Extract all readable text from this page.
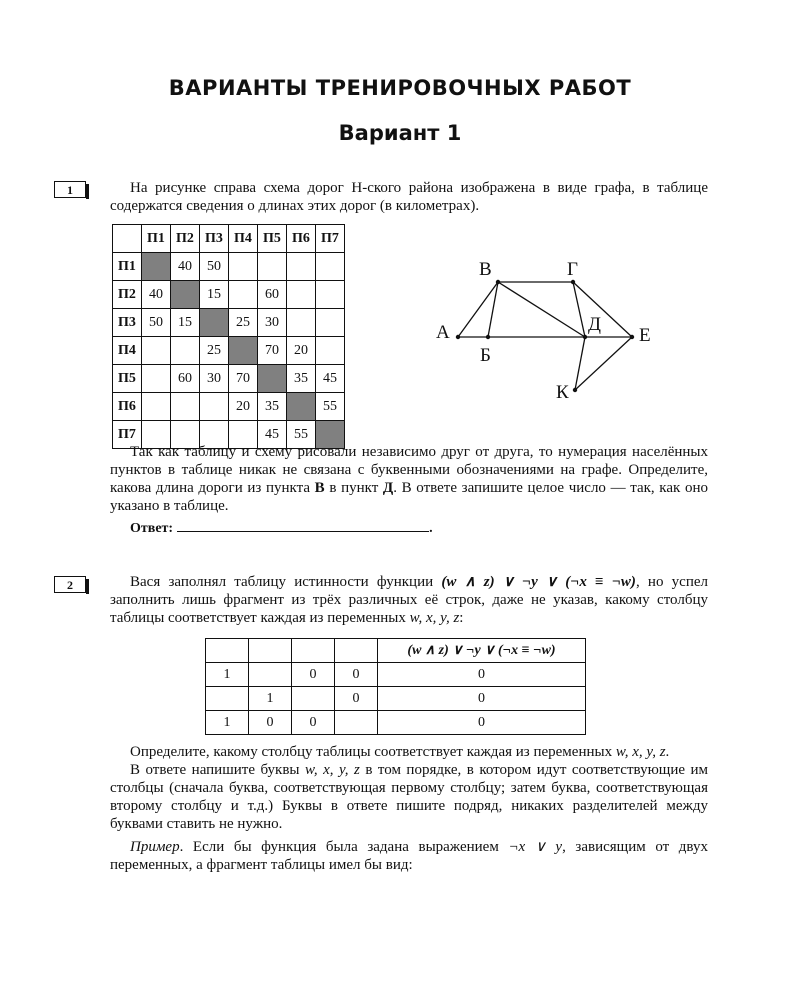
ВАРИАНТЫ ТРЕНИРОВОЧНЫХ РАБОТ
Вариант 1
1	На рисунке справа схема дорог Н-ского района изображена в виде графа, в таблице содержатся сведения о длинах этих дорог (в километрах).

	П1	П2	П3	П4	П5	П6	П7
П1		40	50				
П2	40		15		60		
П3	50	15		25	30		
П4			25		70	20	
П5		60	30	70		35	45
П6				20	35		55
П7					45	55	
А
Б
В	Г
Д
Е
К

Так как таблицу и схему рисовали независимо друг от друга, то нумерация населённых пунктов в таблице никак не связана с буквенными обозначениями на графе. Определите, какова длина дороги из пункта В в пункт Д. В ответе запишите целое число — так, как оно указано в таблице.

Ответ:	.
2	Вася заполнял таблицу истинности функции (w ∧ z) ∨ ¬y ∨ (¬x ≡ ¬w), но успел заполнить лишь фрагмент из трёх различных её строк, даже не указав, какому столбцу таблицы соответствует каждая из переменных w, x, y, z:

				(w ∧ z) ∨ ¬y ∨ (¬x ≡ ¬w)
1		0	0	0
	1		0	0
1	0	0		0

Определите, какому столбцу таблицы соответствует каждая из переменных w, x, y, z.

В ответе напишите буквы w, x, y, z в том порядке, в котором идут соответствующие им столбцы (сначала буква, соответствующая первому столбцу; затем буква, соответствующая второму столбцу и т.д.) Буквы в ответе пишите подряд, никаких разделителей между буквами ставить не нужно.

Пример. Если бы функция была задана выражением ¬x ∨ y, зависящим от двух переменных, а фрагмент таблицы имел бы вид:
